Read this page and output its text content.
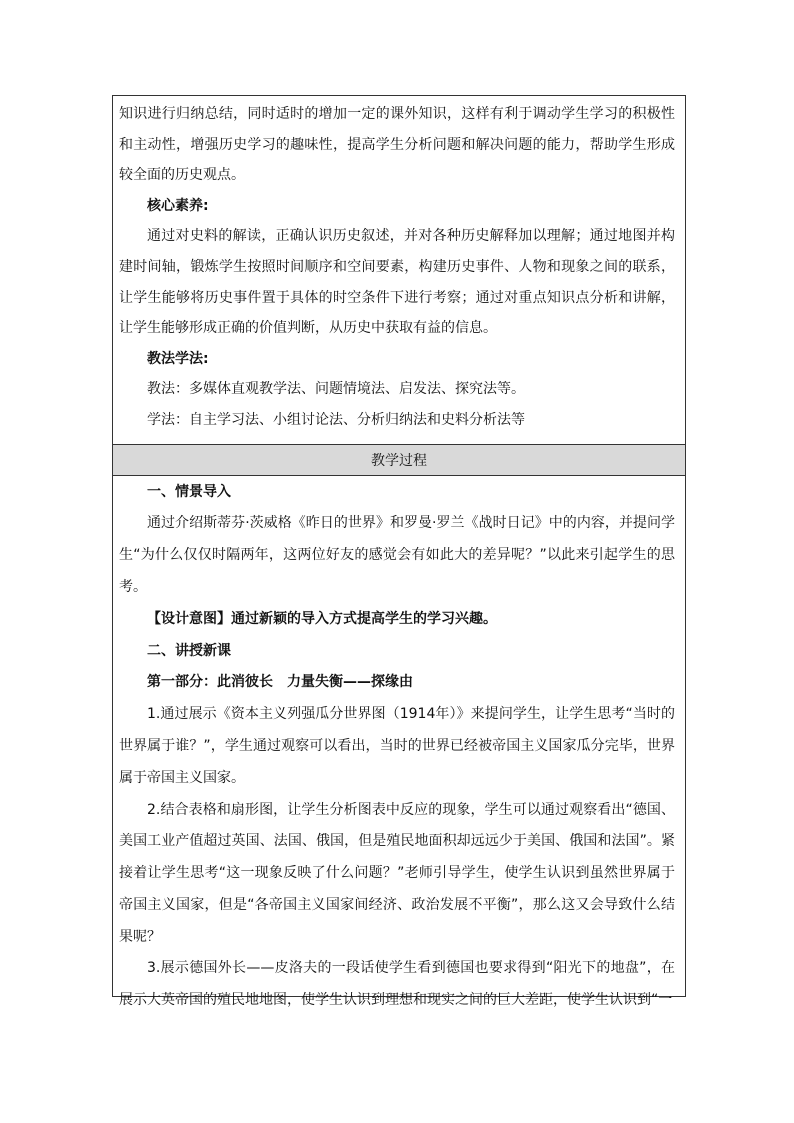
知识进行归纳总结，同时适时的增加一定的课外知识，这样有利于调动学生学习的积极性和主动性，增强历史学习的趣味性，提高学生分析问题和解决问题的能力，帮助学生形成较全面的历史观点。

核心素养:

通过对史料的解读，正确认识历史叙述，并对各种历史解释加以理解；通过地图并构建时间轴，锻炼学生按照时间顺序和空间要素，构建历史事件、人物和现象之间的联系，让学生能够将历史事件置于具体的时空条件下进行考察；通过对重点知识点分析和讲解，让学生能够形成正确的价值判断，从历史中获取有益的信息。

教法学法:

教法：多媒体直观教学法、问题情境法、启发法、探究法等。

学法：自主学习法、小组讨论法、分析归纳法和史料分析法等

教学过程

一、情景导入

通过介绍斯蒂芬·茨威格《昨日的世界》和罗曼·罗兰《战时日记》中的内容，并提问学生“为什么仅仅时隔两年，这两位好友的感觉会有如此大的差异呢？”以此来引起学生的思考。

【设计意图】通过新颖的导入方式提高学生的学习兴趣。

二、讲授新课

第一部分：此消彼长　力量失衡——探缘由

1.通过展示《资本主义列强瓜分世界图（1914年）》来提问学生，让学生思考“当时的世界属于谁？”，学生通过观察可以看出，当时的世界已经被帝国主义国家瓜分完毕，世界属于帝国主义国家。

2.结合表格和扇形图，让学生分析图表中反应的现象，学生可以通过观察看出“德国、美国工业产值超过英国、法国、俄国，但是殖民地面积却远远少于美国、俄国和法国”。紧接着让学生思考“这一现象反映了什么问题？”老师引导学生，使学生认识到虽然世界属于帝国主义国家，但是“各帝国主义国家间经济、政治发展不平衡”，那么这又会导致什么结果呢？

3.展示德国外长——皮洛夫的一段话使学生看到德国也要求得到“阳光下的地盘”，在展示大英帝国的殖民地地图，使学生认识到理想和现实之间的巨大差距，使学生认识到“一
